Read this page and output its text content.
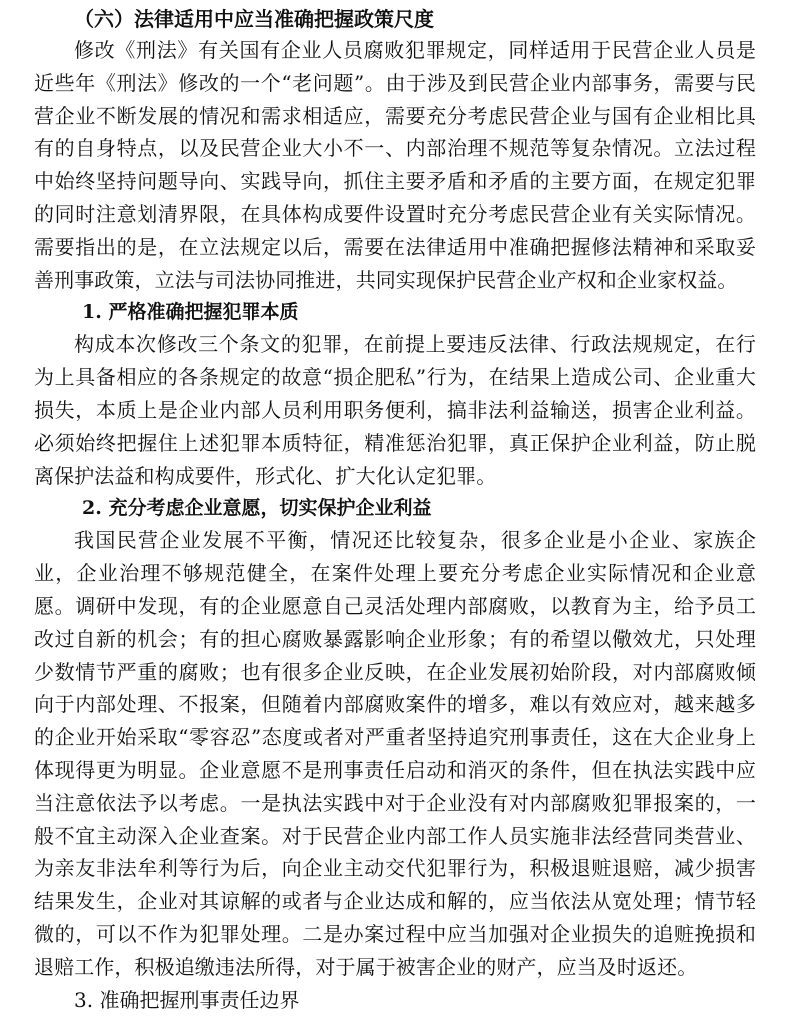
（六）法律适用中应当准确把握政策尺度

修改《刑法》有关国有企业人员腐败犯罪规定，同样适用于民营企业人员是近些年《刑法》修改的一个“老问题”。由于涉及到民营企业内部事务，需要与民营企业不断发展的情况和需求相适应，需要充分考虑民营企业与国有企业相比具有的自身特点，以及民营企业大小不一、内部治理不规范等复杂情况。立法过程中始终坚持问题导向、实践导向，抓住主要矛盾和矛盾的主要方面，在规定犯罪的同时注意划清界限，在具体构成要件设置时充分考虑民营企业有关实际情况。需要指出的是，在立法规定以后，需要在法律适用中准确把握修法精神和采取妥善刑事政策，立法与司法协同推进，共同实现保护民营企业产权和企业家权益。

1. 严格准确把握犯罪本质

构成本次修改三个条文的犯罪，在前提上要违反法律、行政法规规定，在行为上具备相应的各条规定的故意“损企肥私”行为，在结果上造成公司、企业重大损失，本质上是企业内部人员利用职务便利，搞非法利益输送，损害企业利益。必须始终把握住上述犯罪本质特征，精准惩治犯罪，真正保护企业利益，防止脱离保护法益和构成要件，形式化、扩大化认定犯罪。

2. 充分考虑企业意愿，切实保护企业利益

我国民营企业发展不平衡，情况还比较复杂，很多企业是小企业、家族企业，企业治理不够规范健全，在案件处理上要充分考虑企业实际情况和企业意愿。调研中发现，有的企业愿意自己灵活处理内部腐败，以教育为主，给予员工改过自新的机会；有的担心腐败暴露影响企业形象；有的希望以儆效尤，只处理少数情节严重的腐败；也有很多企业反映，在企业发展初始阶段，对内部腐败倾向于内部处理、不报案，但随着内部腐败案件的增多，难以有效应对，越来越多的企业开始采取“零容忍”态度或者对严重者坚持追究刑事责任，这在大企业身上体现得更为明显。企业意愿不是刑事责任启动和消灭的条件，但在执法实践中应当注意依法予以考虑。一是执法实践中对于企业没有对内部腐败犯罪报案的，一般不宜主动深入企业查案。对于民营企业内部工作人员实施非法经营同类营业、为亲友非法牟利等行为后，向企业主动交代犯罪行为，积极退赃退赔，减少损害结果发生，企业对其谅解的或者与企业达成和解的，应当依法从宽处理；情节轻微的，可以不作为犯罪处理。二是办案过程中应当加强对企业损失的追赃挽损和退赔工作，积极追缴违法所得，对于属于被害企业的财产，应当及时返还。

3. 准确把握刑事责任边界
